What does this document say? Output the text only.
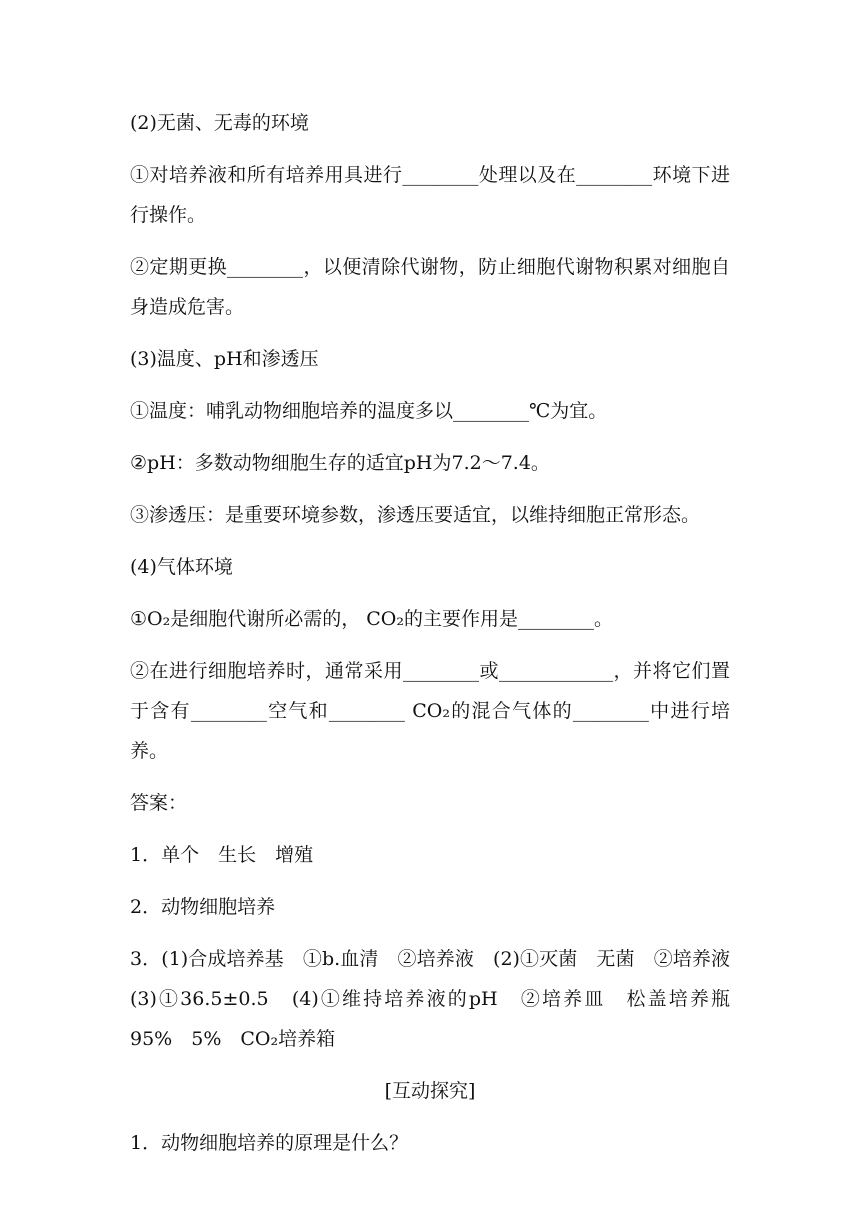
(2)无菌、无毒的环境

①对培养液和所有培养用具进行________处理以及在________环境下进行操作。

②定期更换________，以便清除代谢物，防止细胞代谢物积累对细胞自身造成危害。

(3)温度、pH和渗透压

①温度：哺乳动物细胞培养的温度多以________℃为宜。

②pH：多数动物细胞生存的适宜pH为7.2～7.4。

③渗透压：是重要环境参数，渗透压要适宜，以维持细胞正常形态。

(4)气体环境

①O₂是细胞代谢所必需的， CO₂的主要作用是________。

②在进行细胞培养时，通常采用________或____________，并将它们置于含有________空气和________ CO₂的混合气体的________中进行培养。

答案：

1．单个　生长　增殖

2．动物细胞培养

3．(1)合成培养基　①b.血清　②培养液　(2)①灭菌　无菌　②培养液　(3)①36.5±0.5　(4)①维持培养液的pH　②培养皿　松盖培养瓶　95%　5%　CO₂培养箱

[互动探究]

1．动物细胞培养的原理是什么？
